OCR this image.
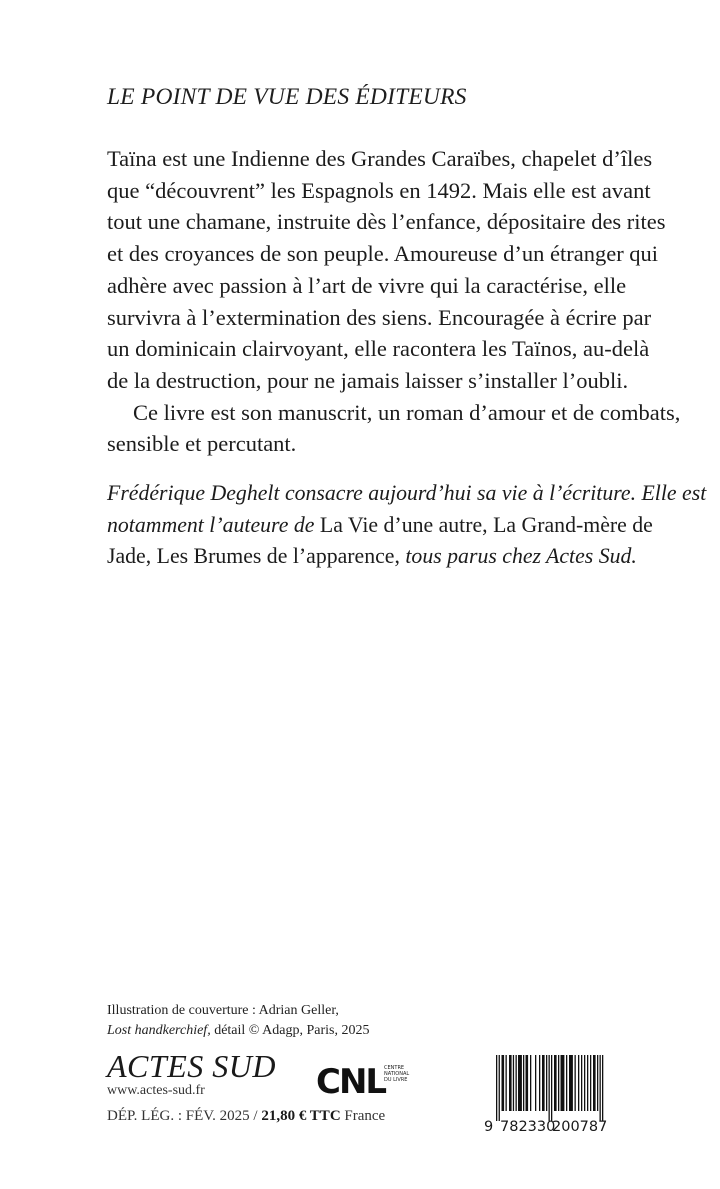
LE POINT DE VUE DES ÉDITEURS
Taïna est une Indienne des Grandes Caraïbes, chapelet d’îles
que “découvrent” les Espagnols en 1492. Mais elle est avant
tout une chamane, instruite dès l’enfance, dépositaire des rites
et des croyances de son peuple. Amoureuse d’un étranger qui
adhère avec passion à l’art de vivre qui la caractérise, elle
survivra à l’extermination des siens. Encouragée à écrire par
un dominicain clairvoyant, elle racontera les Taïnos, au-delà
de la destruction, pour ne jamais laisser s’installer l’oubli.
Ce livre est son manuscrit, un roman d’amour et de combats,
sensible et percutant.
Frédérique Deghelt consacre aujourd’hui sa vie à l’écriture. Elle est
notamment l’auteure de La Vie d’une autre, La Grand-mère de
Jade, Les Brumes de l’apparence, tous parus chez Actes Sud.
Illustration de couverture : Adrian Geller,
Lost handkerchief, détail © Adagp, Paris, 2025
ACTES SUD
www.actes-sud.fr
DÉP. LÉG. : FÉV. 2025 / 21,80 € TTC France
CNL
CENTRE
NATIONAL
DU LIVRE
9 782330
200787
